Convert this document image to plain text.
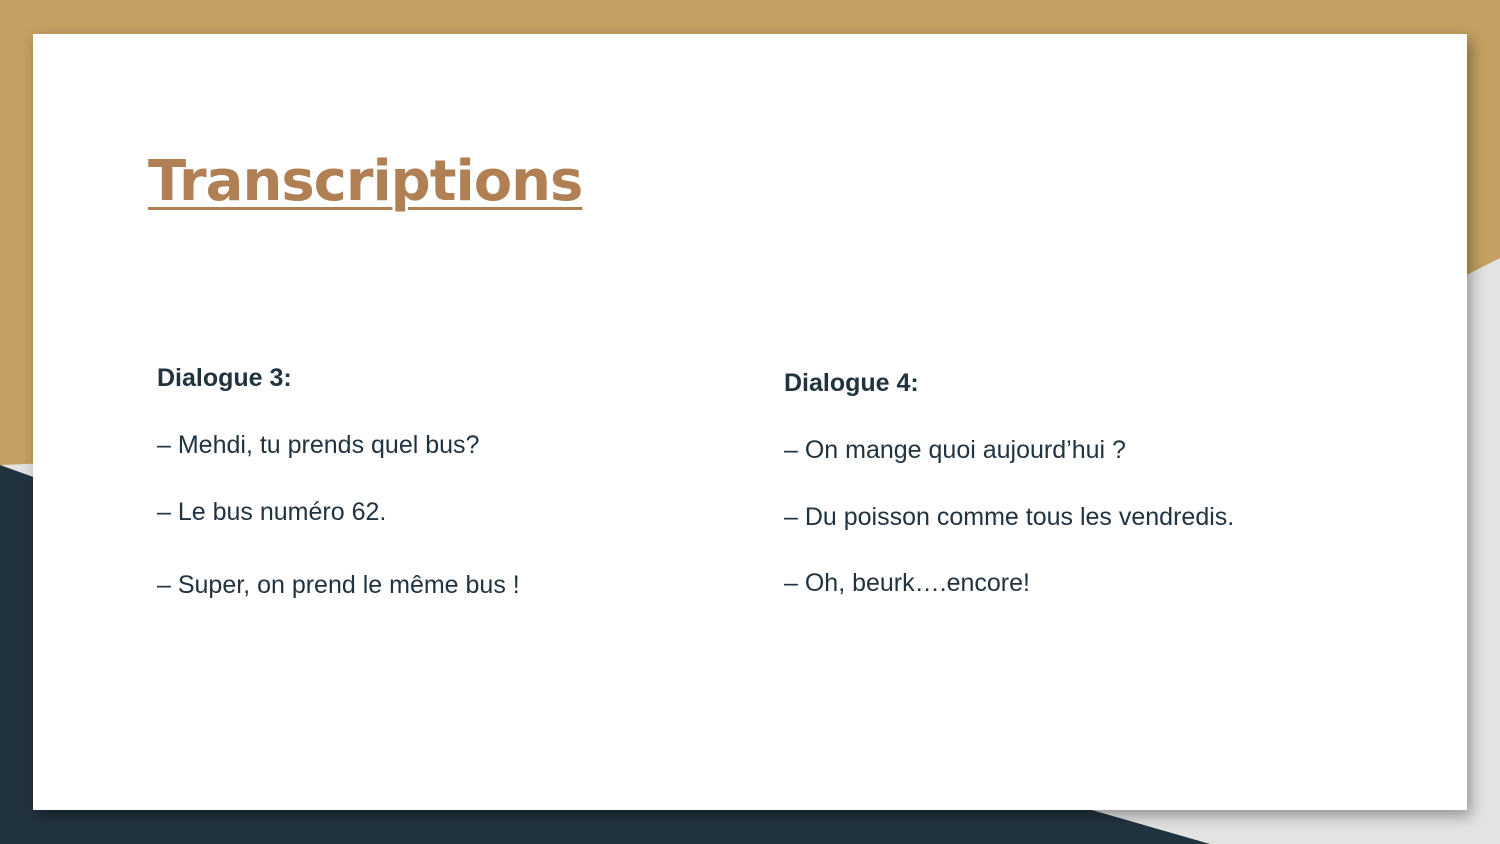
Transcriptions

Dialogue 3:

– Mehdi, tu prends quel bus?

– Le bus numéro 62.

– Super, on prend le même bus !

Dialogue 4:

– On mange quoi aujourd’hui ?

– Du poisson comme tous les vendredis.

– Oh, beurk….encore!
